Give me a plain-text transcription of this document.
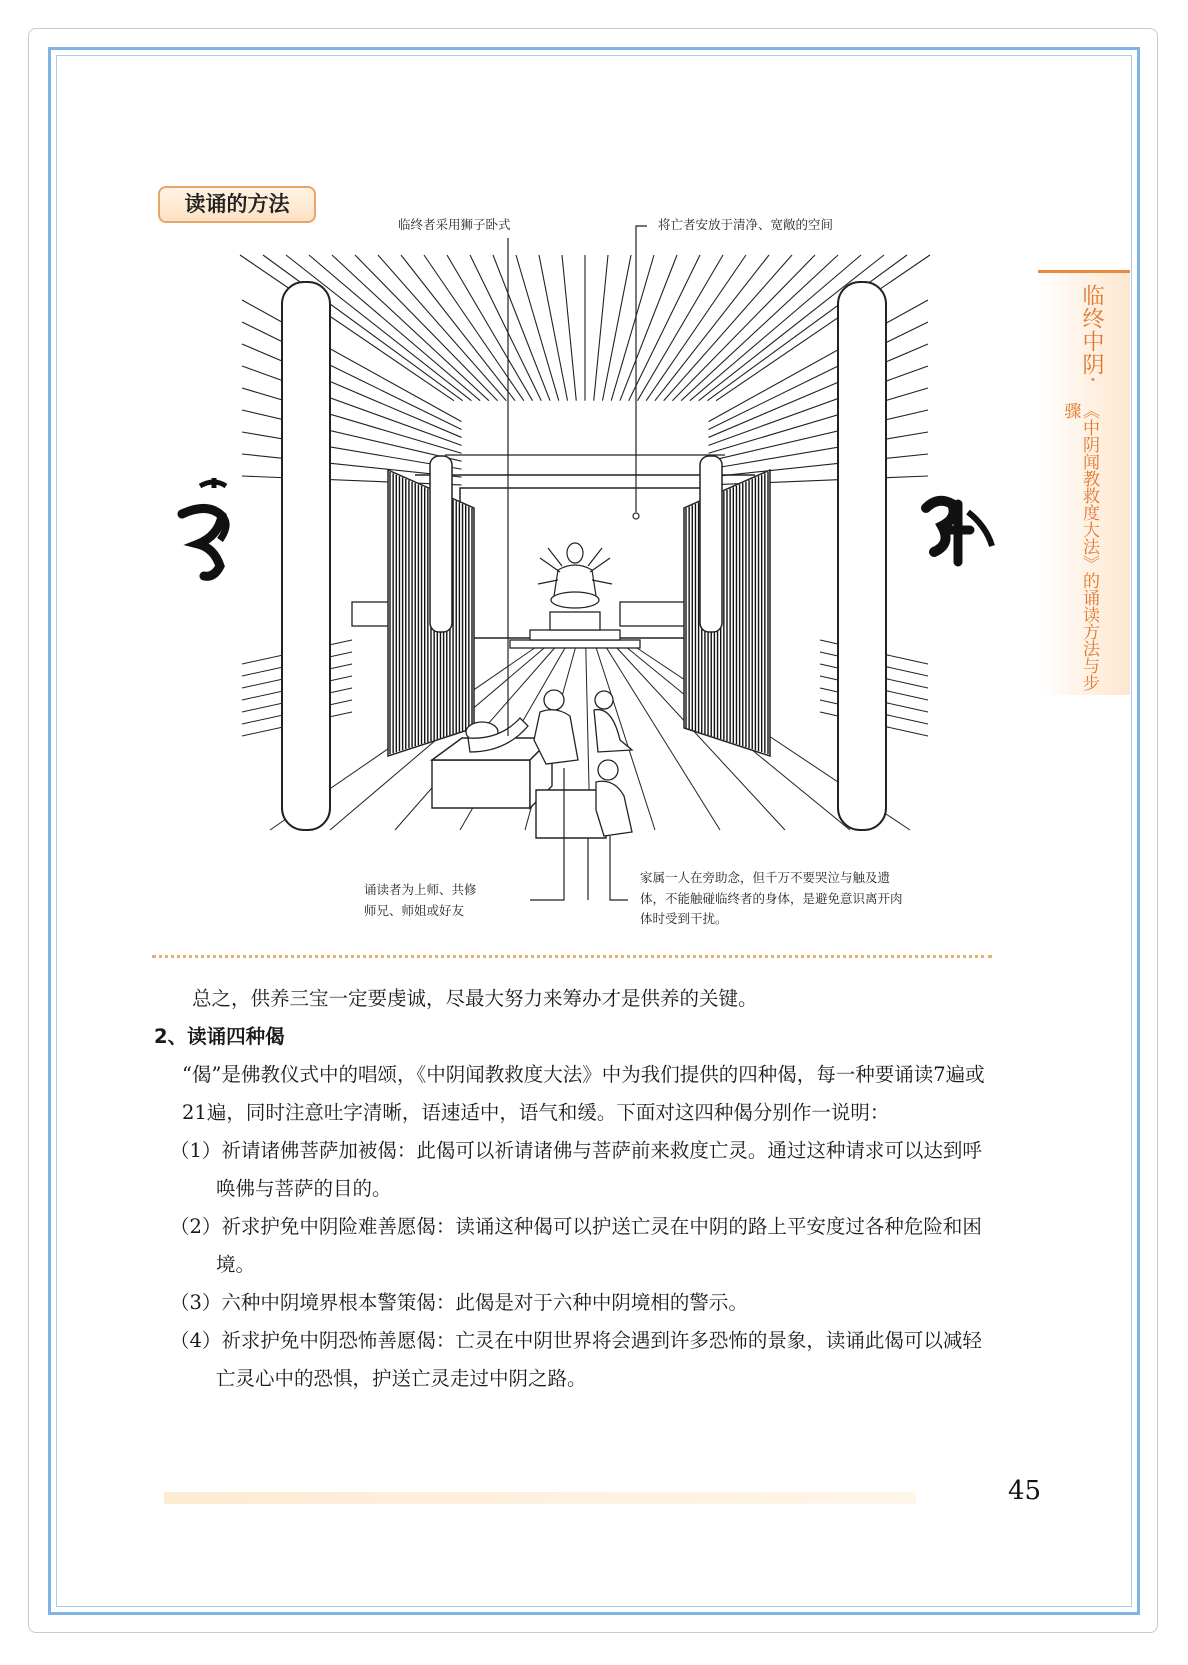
读诵的方法
临终者采用狮子卧式	将亡者安放于清净、宽敞的空间
诵读者为上师、共修
师兄、师姐或好友
家属一人在旁助念，但千万不要哭泣与触及遗
体，不能触碰临终者的身体，是避免意识离开肉
体时受到干扰。
临终中阴·
《中阴闻教救度大法》的诵读方法与步骤

总之，供养三宝一定要虔诚，尽最大努力来筹办才是供养的关键。

2、读诵四种偈

“偈”是佛教仪式中的唱颂，《中阴闻教救度大法》中为我们提供的四种偈，每一种要诵读7遍或21遍，同时注意吐字清晰，语速适中，语气和缓。下面对这四种偈分别作一说明：

（1）祈请诸佛菩萨加被偈：此偈可以祈请诸佛与菩萨前来救度亡灵。通过这种请求可以达到呼唤佛与菩萨的目的。

（2）祈求护免中阴险难善愿偈：读诵这种偈可以护送亡灵在中阴的路上平安度过各种危险和困境。

（3）六种中阴境界根本警策偈：此偈是对于六种中阴境相的警示。

（4）祈求护免中阴恐怖善愿偈：亡灵在中阴世界将会遇到许多恐怖的景象，读诵此偈可以减轻亡灵心中的恐惧，护送亡灵走过中阴之路。

45
